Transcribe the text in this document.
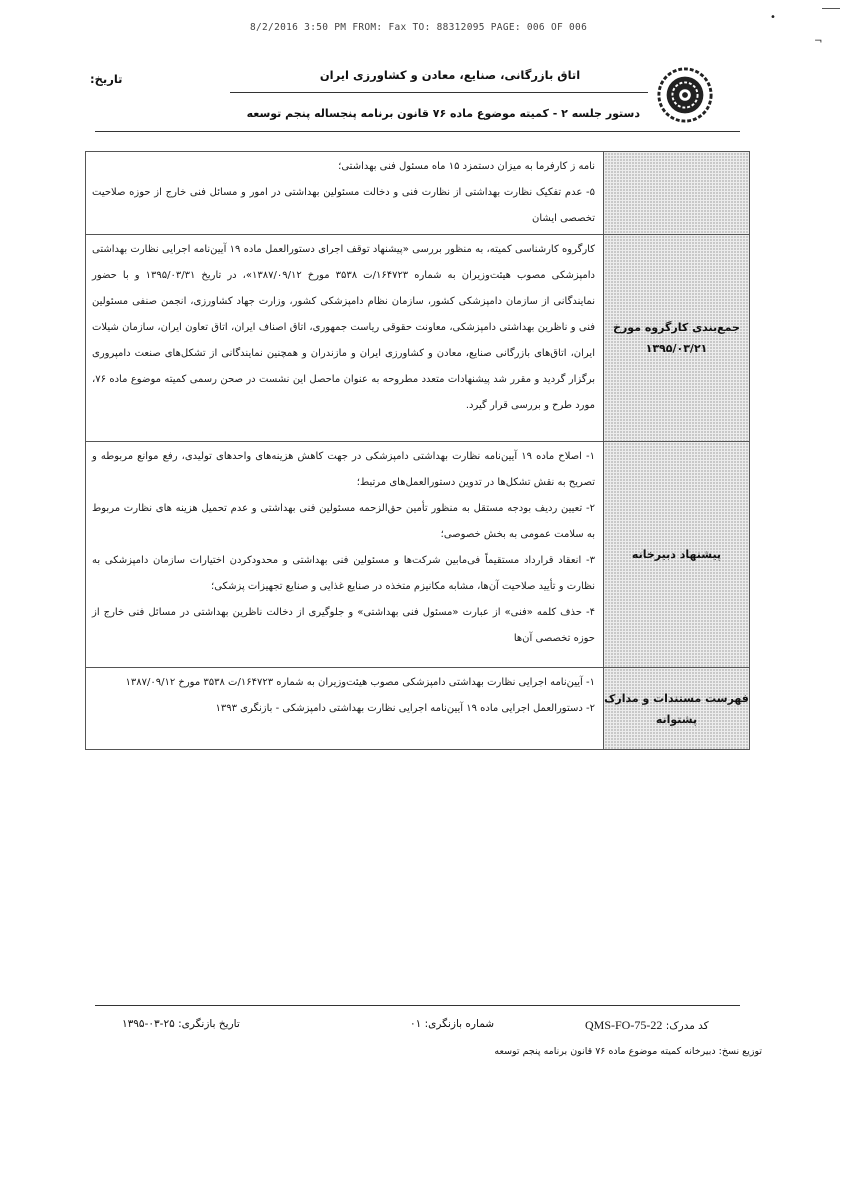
8/2/2016 3:50 PM FROM: Fax TO: 88312095 PAGE: 006 OF 006
•
¬
اتاق بازرگانی، صنایع، معادن و کشاورزی ایران
تاریخ:
دستور جلسه ۲ - کمیته موضوع ماده ۷۶ قانون برنامه پنجساله پنجم توسعه

	نامه ز کارفرما به میزان دستمزد ۱۵ ماه مسئول فنی بهداشتی؛
۵- عدم تفکیک نظارت بهداشتی از نظارت فنی و دخالت مسئولین بهداشتی در امور و مسائل فنی خارج از حوزه صلاحیت تخصصی ایشان

جمع‌بندی کارگروه مورخ ۱۳۹۵/۰۳/۲۱	کارگروه کارشناسی کمیته، به منظور بررسی «پیشنهاد توقف اجرای دستورالعمل ماده ۱۹ آیین‌نامه اجرایی نظارت بهداشتی دامپزشکی مصوب هیئت‌وزیران به شماره ۱۶۴۷۲۳/ت ۳۵۳۸ مورخ ۱۳۸۷/۰۹/۱۲»، در تاریخ ۱۳۹۵/۰۳/۳۱ و با حضور نمایندگانی از سازمان دامپزشکی کشور، سازمان نظام دامپزشکی کشور، وزارت جهاد کشاورزی، انجمن صنفی مسئولین فنی و ناظرین بهداشتی دامپزشکی، معاونت حقوقی ریاست جمهوری، اتاق اصناف ایران، اتاق تعاون ایران، سازمان شیلات ایران، اتاق‌های بازرگانی صنایع، معادن و کشاورزی ایران و مازندران و همچنین نمایندگانی از تشکل‌های صنعت دامپروری برگزار گردید و مقرر شد پیشنهادات متعدد مطروحه به عنوان ماحصل این نشست در صحن رسمی کمیته موضوع ماده ۷۶، مورد طرح و بررسی قرار گیرد.

پیشنهاد دبیرخانه	۱- اصلاح ماده ۱۹ آیین‌نامه نظارت بهداشتی دامپزشکی در جهت کاهش هزینه‌های واحدهای تولیدی، رفع موانع مربوطه و تصریح به نقش تشکل‌ها در تدوین دستورالعمل‌های مرتبط؛
۲- تعیین ردیف بودجه مستقل به منظور تأمین حق‌الزحمه مسئولین فنی بهداشتی و عدم تحمیل هزینه های نظارت مربوط به سلامت عمومی به بخش خصوصی؛
۳- انعقاد قرارداد مستقیماً فی‌مابین شرکت‌ها و مسئولین فنی بهداشتی و محدودکردن اختیارات سازمان دامپزشکی به نظارت و تأیید صلاحیت آن‌ها، مشابه مکانیزم متخذه در صنایع غذایی و صنایع تجهیزات پزشکی؛
۴- حذف کلمه «فنی» از عبارت «مسئول فنی بهداشتی» و جلوگیری از دخالت ناظرین بهداشتی در مسائل فنی خارج از حوزه تخصصی آن‌ها

فهرست مستندات و مدارک پشتوانه	۱- آیین‌نامه اجرایی نظارت بهداشتی دامپزشکی مصوب هیئت‌وزیران به شماره ۱۶۴۷۲۳/ت ۳۵۳۸ مورخ ۱۳۸۷/۰۹/۱۲
۲- دستورالعمل اجرایی ماده ۱۹ آیین‌نامه اجرایی نظارت بهداشتی دامپزشکی - بازنگری ۱۳۹۳
کد مدرک: QMS-FO-75-22
شماره بازنگری: ۰۱
تاریخ بازنگری: ۲۵-۰۳-۱۳۹۵
توزیع نسخ: دبیرخانه کمیته موضوع ماده ۷۶ قانون برنامه پنجم توسعه
